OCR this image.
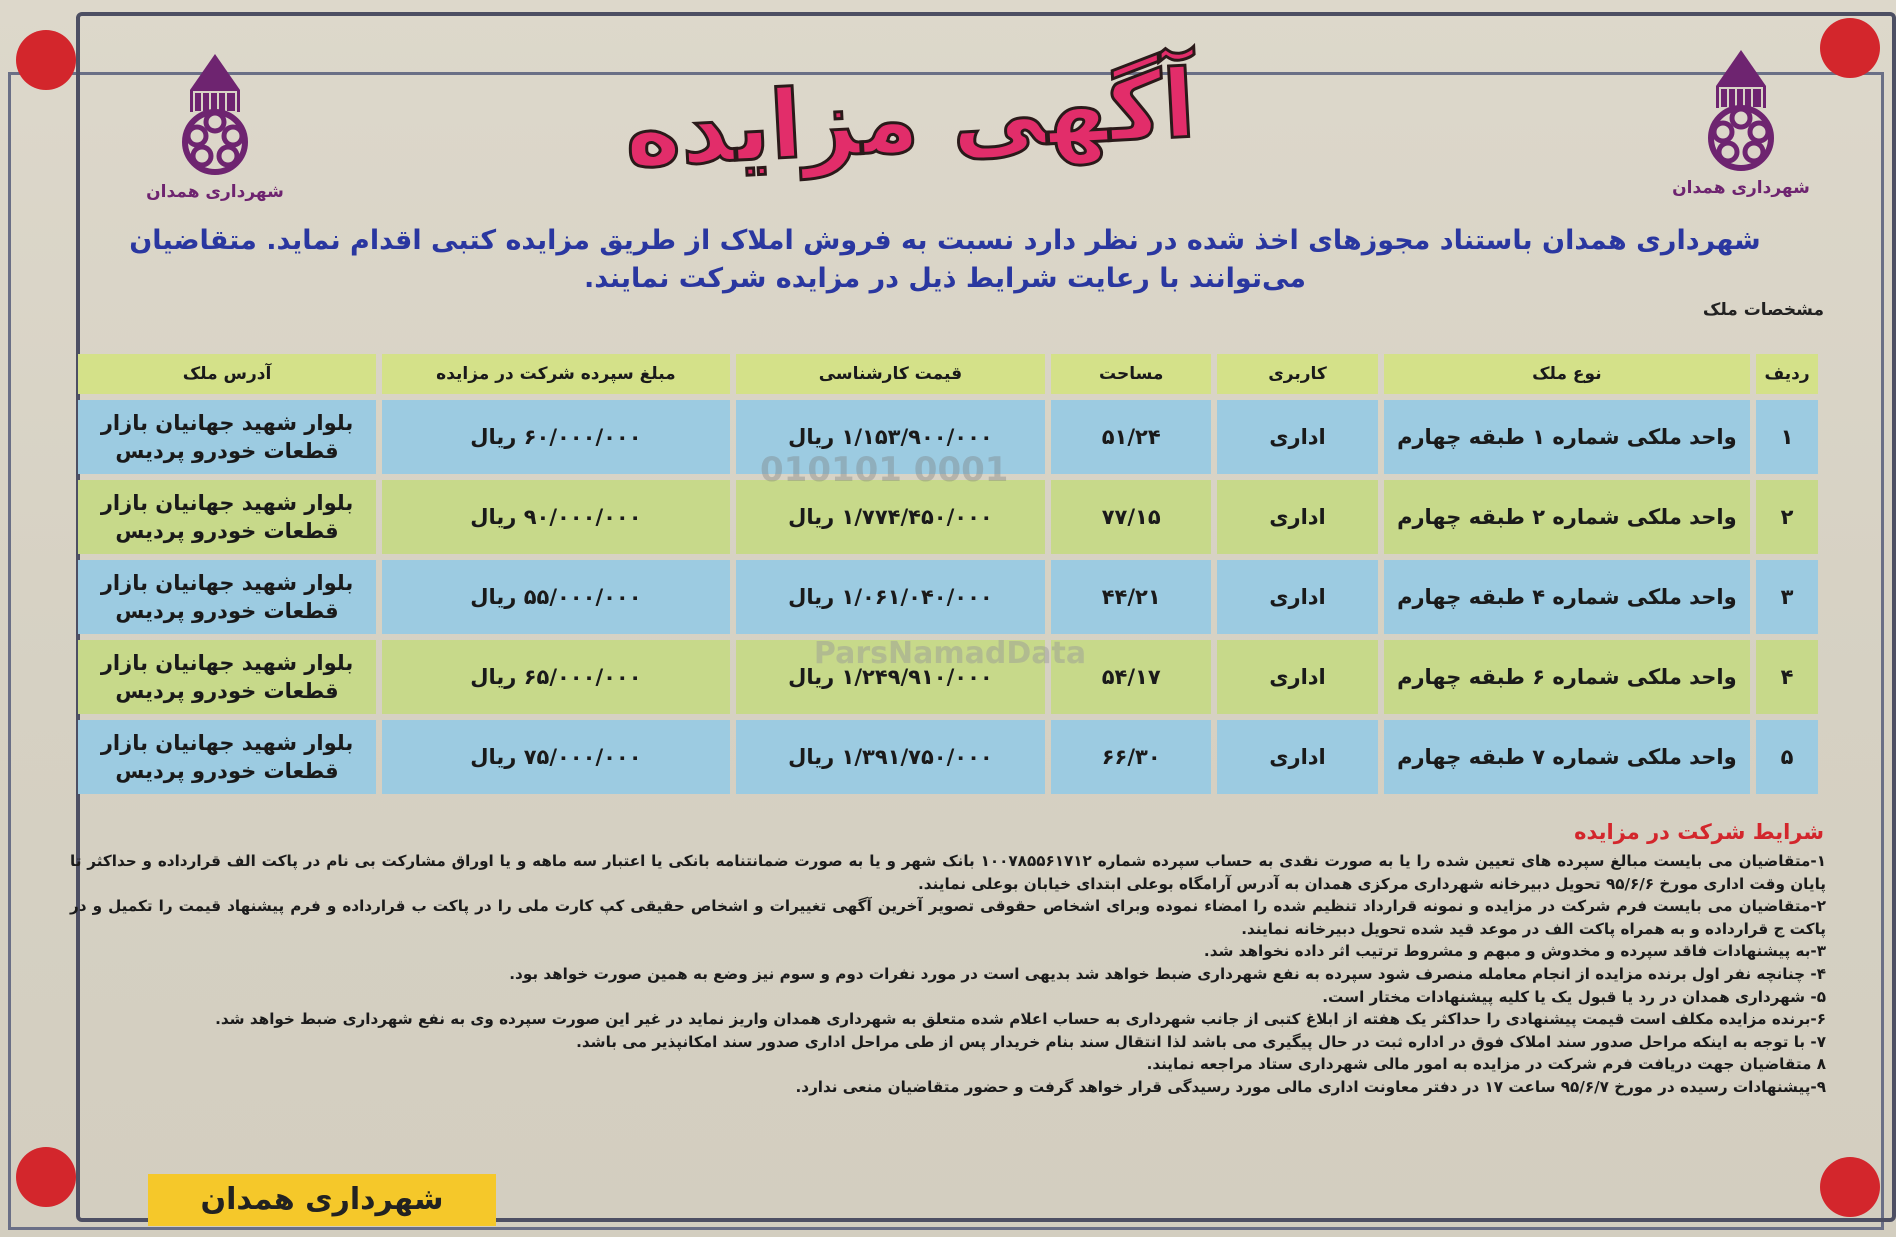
شهرداری همدان	شهرداری همدان
آگهی مزایده
شهرداری همدان باستناد مجوزهای اخذ شده در نظر دارد نسبت به فروش املاک از طریق مزایده کتبی اقدام نماید. متقاضیان
می‌توانند با رعایت شرایط ذیل در مزایده شرکت نمایند.
مشخصات ملک
ردیف	نوع ملک	کاربری	مساحت	قیمت کارشناسی	مبلغ سپرده شرکت در مزایده	آدرس ملک
۱	واحد ملکی شماره ۱ طبقه چهارم	اداری	۵۱/۲۴	۱/۱۵۳/۹۰۰/۰۰۰ ریال	۶۰/۰۰۰/۰۰۰ ریال	بلوار شهید جهانیان بازار قطعات خودرو پردیس
۲	واحد ملکی شماره ۲ طبقه چهارم	اداری	۷۷/۱۵	۱/۷۷۴/۴۵۰/۰۰۰ ریال	۹۰/۰۰۰/۰۰۰ ریال	بلوار شهید جهانیان بازار قطعات خودرو پردیس
۳	واحد ملکی شماره ۴ طبقه چهارم	اداری	۴۴/۲۱	۱/۰۶۱/۰۴۰/۰۰۰ ریال	۵۵/۰۰۰/۰۰۰ ریال	بلوار شهید جهانیان بازار قطعات خودرو پردیس
۴	واحد ملکی شماره ۶ طبقه چهارم	اداری	۵۴/۱۷	۱/۲۴۹/۹۱۰/۰۰۰ ریال	۶۵/۰۰۰/۰۰۰ ریال	بلوار شهید جهانیان بازار قطعات خودرو پردیس
۵	واحد ملکی شماره ۷ طبقه چهارم	اداری	۶۶/۳۰	۱/۳۹۱/۷۵۰/۰۰۰ ریال	۷۵/۰۰۰/۰۰۰ ریال	بلوار شهید جهانیان بازار قطعات خودرو پردیس
010101 0001
ParsNamadData
شرایط شرکت در مزایده

۱-متقاضیان می بایست مبالغ سپرده های تعیین شده را یا به صورت نقدی به حساب سپرده شماره ۱۰۰۷۸۵۵۶۱۷۱۲ بانک شهر و یا به صورت ضمانتنامه بانکی یا اعتبار سه ماهه و یا اوراق مشارکت بی نام در پاکت الف قرارداده و حداکثر تا پایان وقت اداری مورخ ۹۵/۶/۶ تحویل دبیرخانه شهرداری مرکزی همدان به آدرس آرامگاه بوعلی ابتدای خیابان بوعلی نمایند.

۲-متقاضیان می بایست فرم شرکت در مزایده و نمونه قرارداد تنظیم شده را امضاء نموده وبرای اشخاص حقوقی تصویر آخرین آگهی تغییرات و اشخاص حقیقی کپ کارت ملی را در پاکت ب قرارداده و فرم پیشنهاد قیمت را تکمیل و در پاکت ج قرارداده و به همراه پاکت الف در موعد قید شده تحویل دبیرخانه نمایند.

۳-به پیشنهادات فاقد سپرده و مخدوش و مبهم و مشروط ترتیب اثر داده نخواهد شد.

۴- چنانچه نفر اول برنده مزایده از انجام معامله منصرف شود سپرده به نفع شهرداری ضبط خواهد شد بدیهی است در مورد نفرات دوم و سوم نیز وضع به همین صورت خواهد بود.

۵- شهرداری همدان در رد یا قبول یک یا کلیه پیشنهادات مختار است.

۶-برنده مزایده مکلف است قیمت پیشنهادی را حداکثر یک هفته از ابلاغ کتبی از جانب شهرداری به حساب اعلام شده متعلق به شهرداری همدان واریز نماید در غیر این صورت سپرده وی به نفع شهرداری ضبط خواهد شد.

۷- با توجه به اینکه مراحل صدور سند املاک فوق در اداره ثبت در حال پیگیری می باشد لذا انتقال سند بنام خریدار پس از طی مراحل اداری صدور سند امکانپذیر می باشد.

۸ متقاضیان جهت دریافت فرم شرکت در مزایده به امور مالی شهرداری ستاد مراجعه نمایند.

۹-پیشنهادات رسیده در مورخ ۹۵/۶/۷ ساعت ۱۷ در دفتر معاونت اداری مالی مورد رسیدگی قرار خواهد گرفت و حضور متقاضیان منعی ندارد.

شهرداری همدان
